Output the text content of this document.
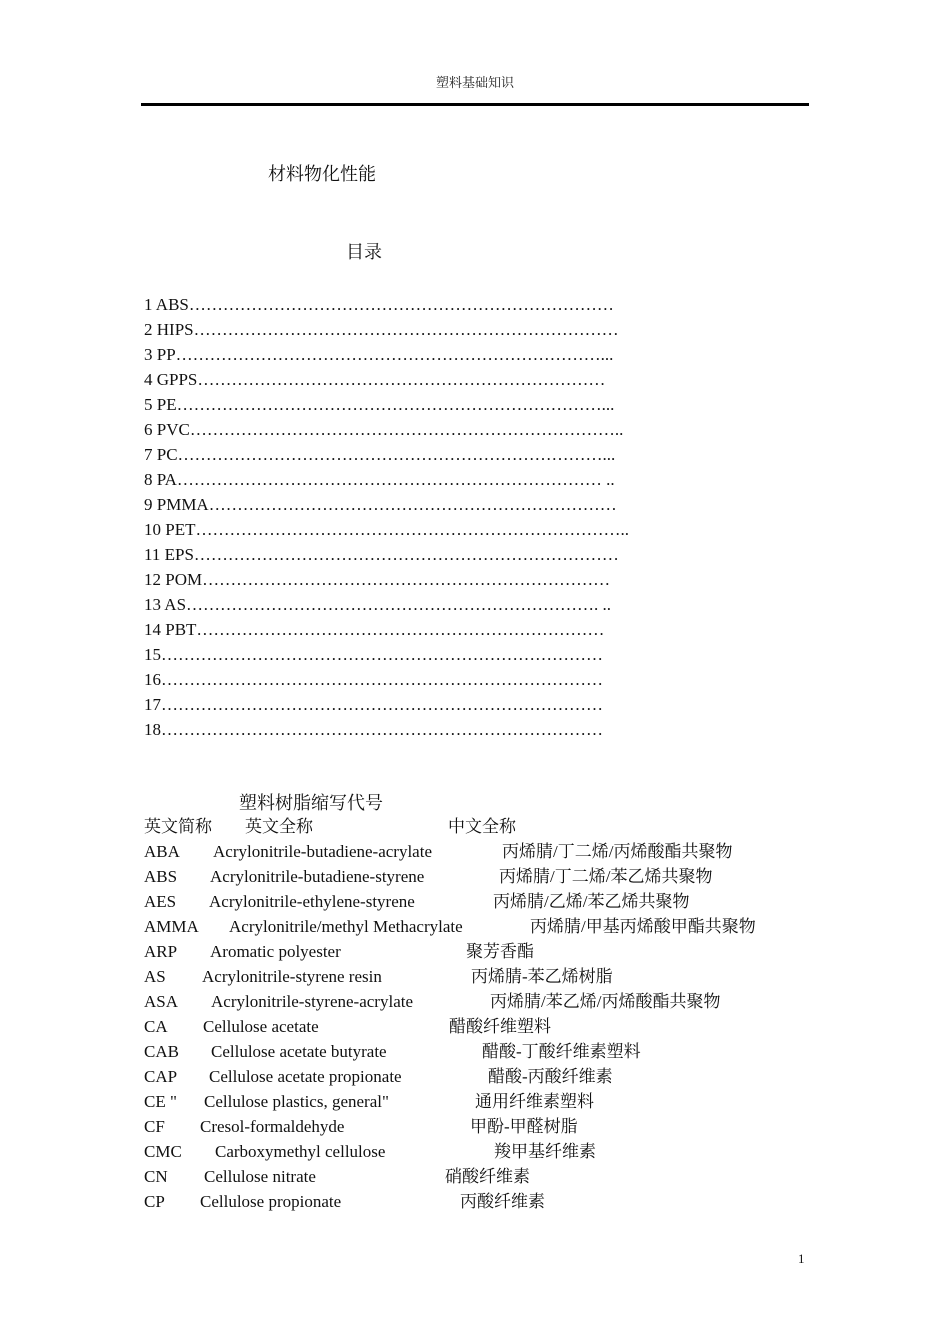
塑料基础知识
材料物化性能
目录
1 ABS…………………………………………………………………
2 HIPS…………………………………………………………………
3 PP…………………………………………………………………...
4 GPPS………………………………………………………………
5 PE…………………………………………………………………...
6 PVC…………………………………………………………………..
7 PC…………………………………………………………………...
8 PA………………………………………………………………… ..
9 PMMA………………………………………………………………
10 PET…………………………………………………………………..
11 EPS…………………………………………………………………
12 POM………………………………………………………………
13 AS………………………………………………………………. ..
14 PBT………………………………………………………………
15……………………………………………………………………
16……………………………………………………………………
17……………………………………………………………………
18……………………………………………………………………
塑料树脂缩写代号
英文简称 英文全称	中文全称
ABA Acrylonitrile-butadiene-acrylate	丙烯腈/丁二烯/丙烯酸酯共聚物
ABS Acrylonitrile-butadiene-styrene	丙烯腈/丁二烯/苯乙烯共聚物
AES Acrylonitrile-ethylene-styrene	丙烯腈/乙烯/苯乙烯共聚物
AMMA Acrylonitrile/methyl Methacrylate	丙烯腈/甲基丙烯酸甲酯共聚物
ARP Aromatic polyester	聚芳香酯
AS Acrylonitrile-styrene resin	丙烯腈-苯乙烯树脂
ASA Acrylonitrile-styrene-acrylate	丙烯腈/苯乙烯/丙烯酸酯共聚物
CA Cellulose acetate	醋酸纤维塑料
CAB Cellulose acetate butyrate	醋酸-丁酸纤维素塑料
CAP Cellulose acetate propionate	醋酸-丙酸纤维素
CE " Cellulose plastics, general"	通用纤维素塑料
CF Cresol-formaldehyde	甲酚-甲醛树脂
CMC Carboxymethyl cellulose	羧甲基纤维素
CN Cellulose nitrate	硝酸纤维素
CP Cellulose propionate	丙酸纤维素
1
